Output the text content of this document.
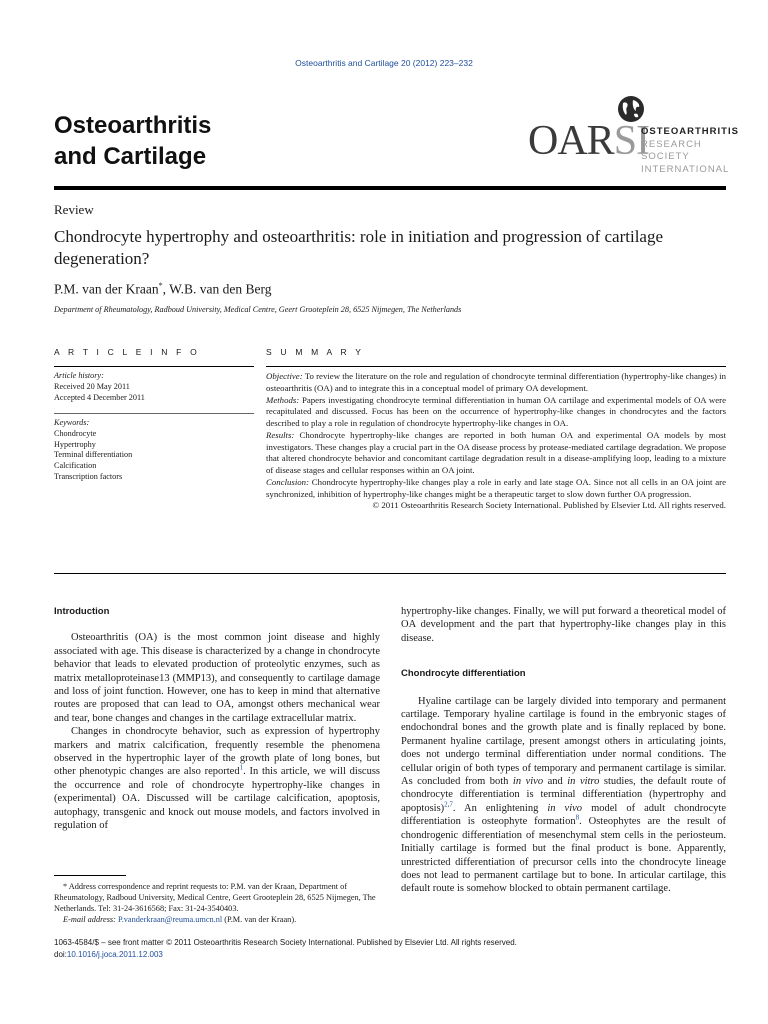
Osteoarthritis and Cartilage 20 (2012) 223–232
Osteoarthritis
and Cartilage	OARSI
OSTEOARTHRITIS
RESEARCH SOCIETY
INTERNATIONAL
Review
Chondrocyte hypertrophy and osteoarthritis: role in initiation and progression of cartilage degeneration?
P.M. van der Kraan*, W.B. van den Berg
Department of Rheumatology, Radboud University, Medical Centre, Geert Grooteplein 28, 6525 Nijmegen, The Netherlands
A R T I C L E I N F O
Article history:
Received 20 May 2011
Accepted 4 December 2011
Keywords:
Chondrocyte
Hypertrophy
Terminal differentiation
Calcification
Transcription factors
S U M M A R Y

Objective: To review the literature on the role and regulation of chondrocyte terminal differentiation (hypertrophy-like changes) in osteoarthritis (OA) and to integrate this in a conceptual model of primary OA development.

Methods: Papers investigating chondrocyte terminal differentiation in human OA cartilage and experimental models of OA were recapitulated and discussed. Focus has been on the occurrence of hypertrophy-like changes in chondrocytes and the factors described to play a role in regulation of chondrocyte hypertrophy-like changes in OA.

Results: Chondrocyte hypertrophy-like changes are reported in both human OA and experimental OA models by most investigators. These changes play a crucial part in the OA disease process by protease-mediated cartilage degradation. We propose that altered chondrocyte behavior and concomitant cartilage degradation result in a disease-amplifying loop, leading to a mixture of disease stages and cellular responses within an OA joint.

Conclusion: Chondrocyte hypertrophy-like changes play a role in early and late stage OA. Since not all cells in an OA joint are synchronized, inhibition of hypertrophy-like changes might be a therapeutic target to slow down further OA progression.

© 2011 Osteoarthritis Research Society International. Published by Elsevier Ltd. All rights reserved.

Introduction

Osteoarthritis (OA) is the most common joint disease and highly associated with age. This disease is characterized by a change in chondrocyte behavior that leads to elevated production of proteolytic enzymes, such as matrix metalloproteinase13 (MMP13), and consequently to cartilage damage and loss of joint function. However, one has to keep in mind that alternative routes are proposed that can lead to OA, amongst others mechanical wear and tear, bone changes and changes in the cartilage extracellular matrix.

Changes in chondrocyte behavior, such as expression of hypertrophy markers and matrix calcification, frequently resemble the phenomena observed in the hypertrophic layer of the growth plate of long bones, but other phenotypic changes are also reported$^1$. In this article, we will discuss the occurrence and role of chondrocyte hypertrophy-like changes in (experimental) OA. Discussed will be cartilage calcification, apoptosis, autophagy, transgenic and knock out mouse models, and factors involved in regulation of

hypertrophy-like changes. Finally, we will put forward a theoretical model of OA development and the part that hypertrophy-like changes play in this disease.

Chondrocyte differentiation

Hyaline cartilage can be largely divided into temporary and permanent cartilage. Temporary hyaline cartilage is found in the embryonic stages of endochondral bones and the growth plate and is finally replaced by bone. Permanent hyaline cartilage, present amongst others in articulating joints, does not undergo terminal differentiation under normal conditions. The cellular origin of both types of temporary and permanent cartilage is similar. As concluded from both in vivo and in vitro studies, the default route of chondrocyte differentiation is terminal differentiation (hypertrophy and apoptosis)$^{2,7}$. An enlightening in vivo model of adult chondrocyte differentiation is osteophyte formation$^8$. Osteophytes are the result of chondrogenic differentiation of mesenchymal stem cells in the periosteum. Initially cartilage is formed but the final product is bone. Apparently, unrestricted differentiation of precursor cells into the chondrocyte lineage does not lead to permanent cartilage but to bone. In articular cartilage, this default route is somehow blocked to obtain permanent cartilage.

* Address correspondence and reprint requests to: P.M. van der Kraan, Department of Rheumatology, Radboud University, Medical Centre, Geert Grooteplein 28, 6525 Nijmegen, The Netherlands. Tel: 31-24-3616568; Fax: 31-24-3540403.

E-mail address: P.vanderkraan@reuma.umcn.nl (P.M. van der Kraan).

1063-4584/$ – see front matter © 2011 Osteoarthritis Research Society International. Published by Elsevier Ltd. All rights reserved.
doi:10.1016/j.joca.2011.12.003
